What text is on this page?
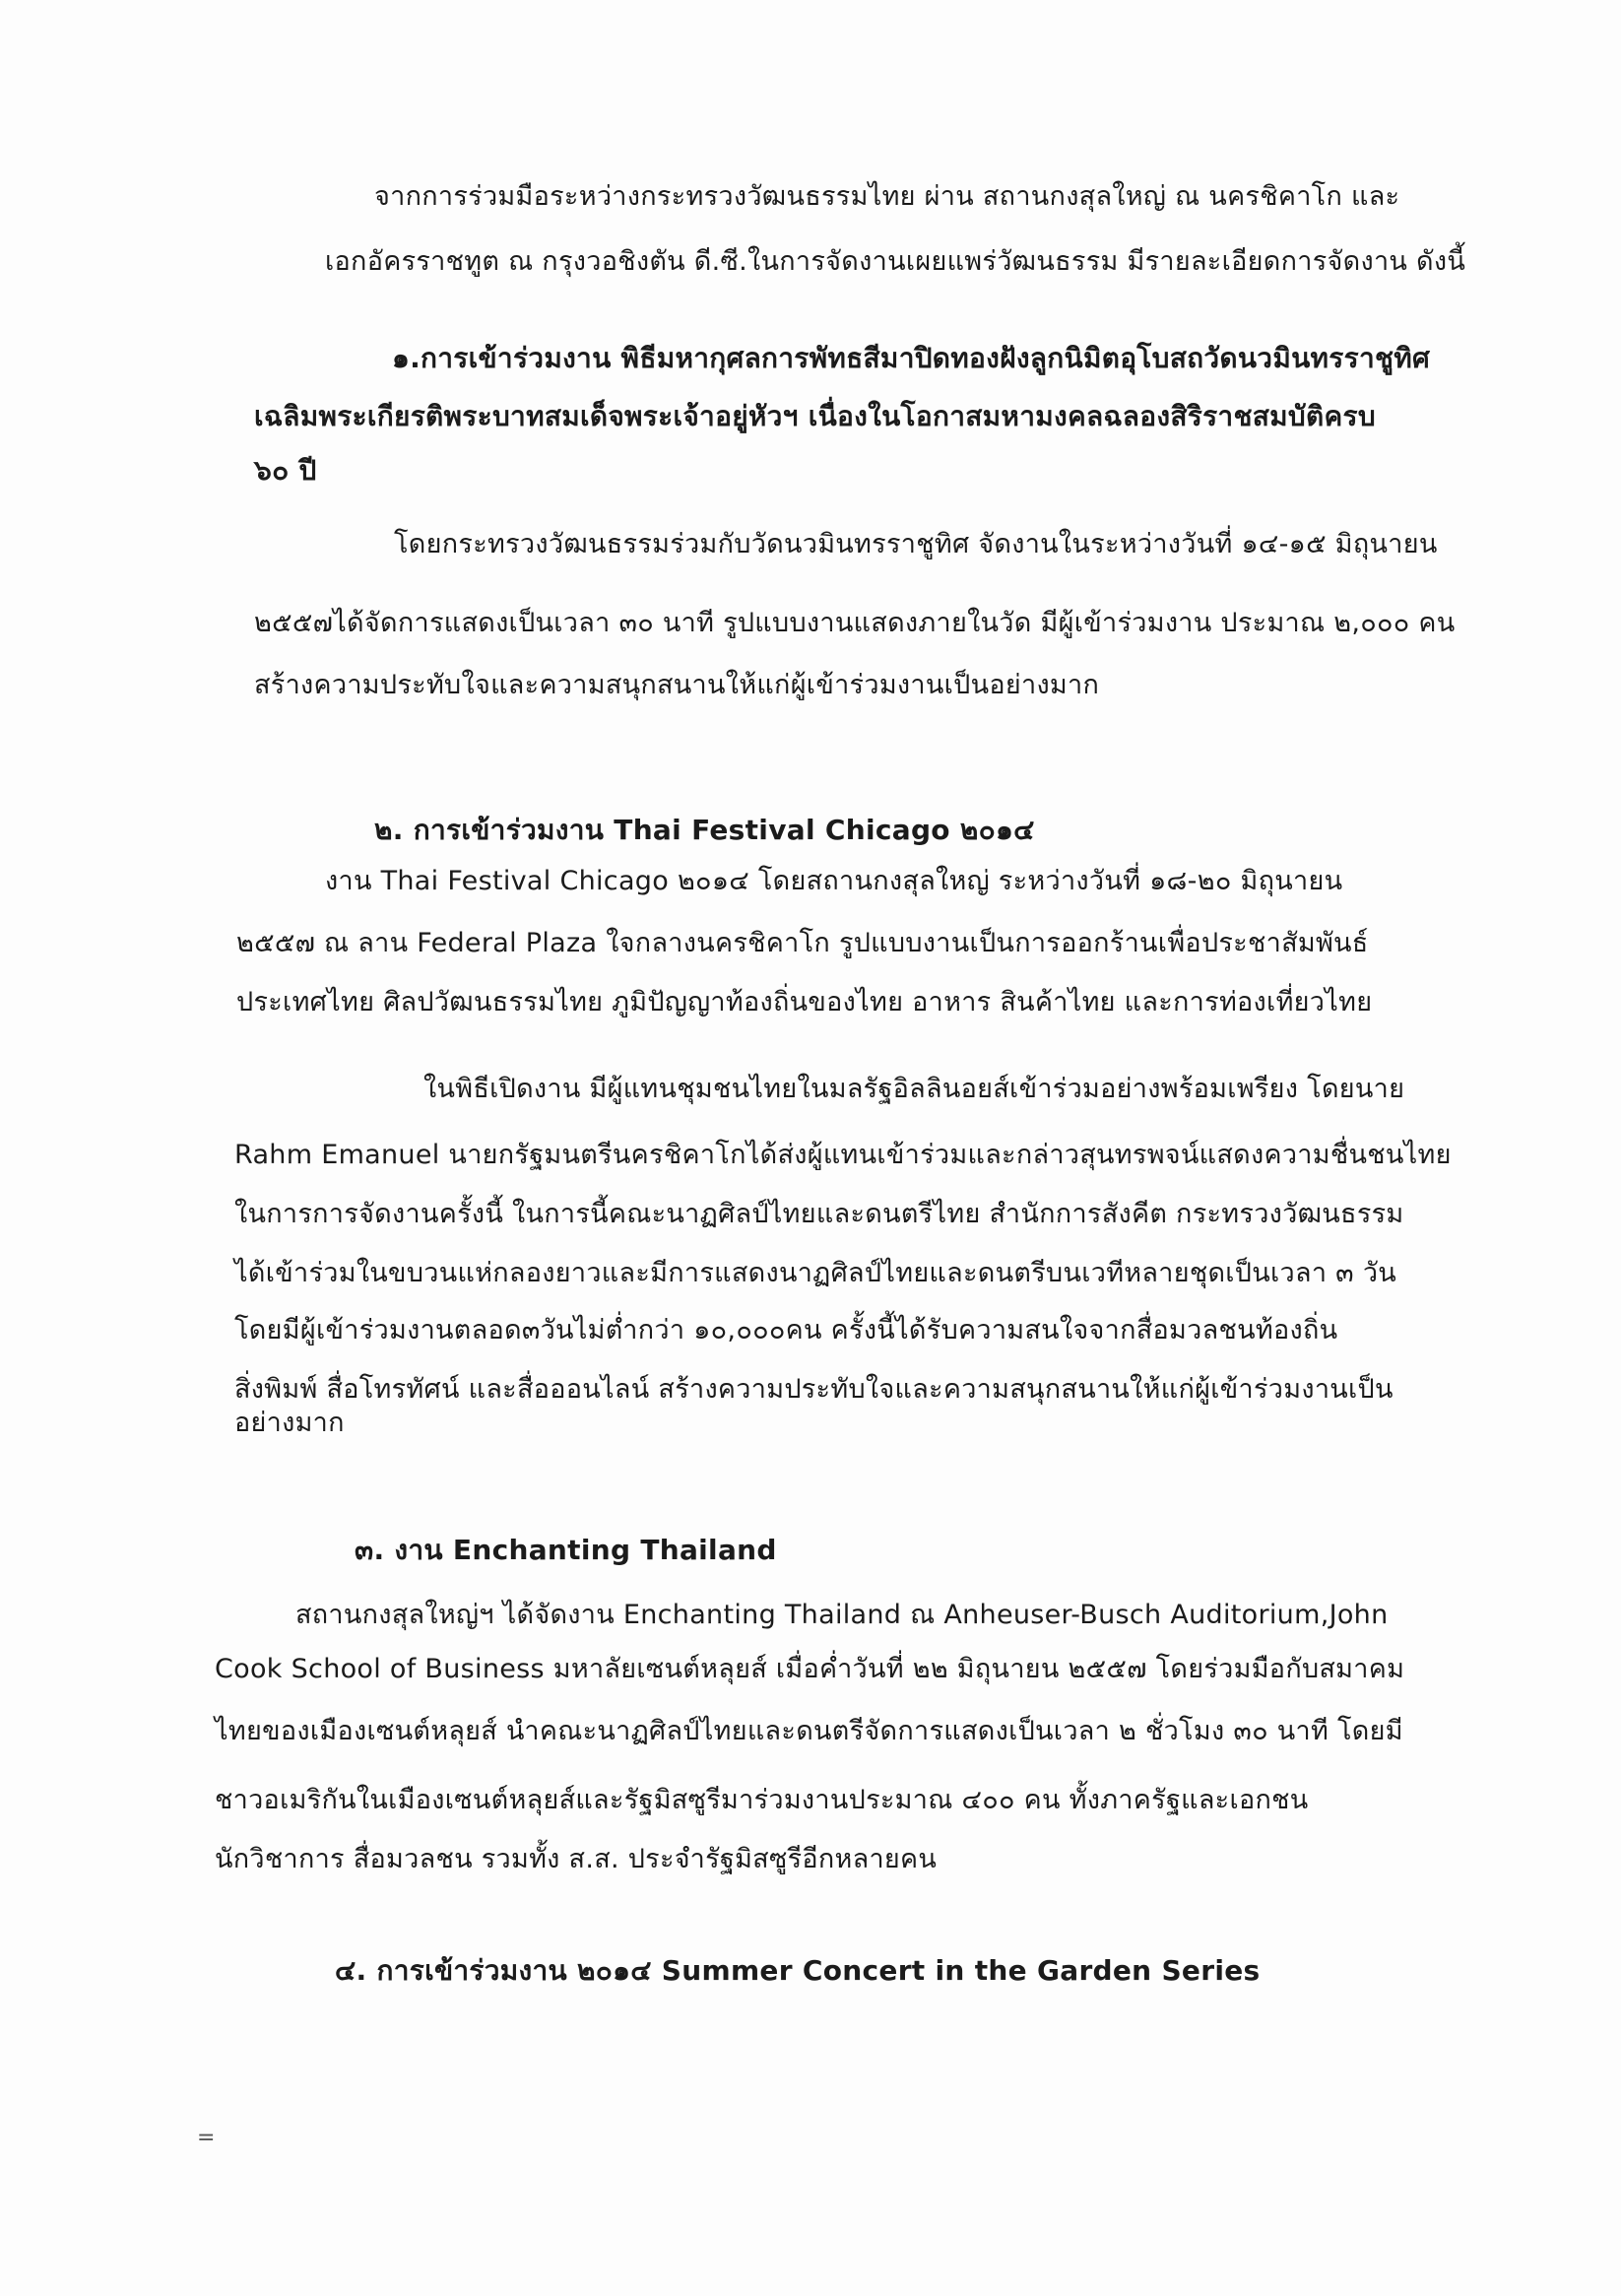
จากการร่วมมือระหว่างกระทรวงวัฒนธรรมไทย ผ่าน สถานกงสุลใหญ่ ณ นครชิคาโก และ
เอกอัครราชทูต ณ กรุงวอชิงตัน ดี.ซี.ในการจัดงานเผยแพร่วัฒนธรรม มีรายละเอียดการจัดงาน ดังนี้
๑.การเข้าร่วมงาน พิธีมหากุศลการพัทธสีมาปิดทองฝังลูกนิมิตอุโบสถวัดนวมินทรราชูทิศ
เฉลิมพระเกียรติพระบาทสมเด็จพระเจ้าอยู่หัวฯ เนื่องในโอกาสมหามงคลฉลองสิริราชสมบัติครบ
๖๐ ปี
โดยกระทรวงวัฒนธรรมร่วมกับวัดนวมินทรราชูทิศ จัดงานในระหว่างวันที่ ๑๔-๑๕ มิถุนายน
๒๕๕๗ได้จัดการแสดงเป็นเวลา ๓๐ นาที รูปแบบงานแสดงภายในวัด มีผู้เข้าร่วมงาน ประมาณ ๒,๐๐๐ คน
สร้างความประทับใจและความสนุกสนานให้แก่ผู้เข้าร่วมงานเป็นอย่างมาก
๒. การเข้าร่วมงาน Thai Festival Chicago ๒๐๑๔
งาน Thai Festival Chicago ๒๐๑๔ โดยสถานกงสุลใหญ่ ระหว่างวันที่ ๑๘-๒๐ มิถุนายน
๒๕๕๗ ณ ลาน Federal Plaza ใจกลางนครชิคาโก รูปแบบงานเป็นการออกร้านเพื่อประชาสัมพันธ์
ประเทศไทย ศิลปวัฒนธรรมไทย ภูมิปัญญาท้องถิ่นของไทย อาหาร สินค้าไทย และการท่องเที่ยวไทย
ในพิธีเปิดงาน มีผู้แทนชุมชนไทยในมลรัฐอิลลินอยส์เข้าร่วมอย่างพร้อมเพรียง โดยนาย
Rahm Emanuel นายกรัฐมนตรีนครชิคาโกได้ส่งผู้แทนเข้าร่วมและกล่าวสุนทรพจน์แสดงความชื่นชนไทย
ในการการจัดงานครั้งนี้ ในการนี้คณะนาฏศิลป์ไทยและดนตรีไทย สำนักการสังคีต กระทรวงวัฒนธรรม
ได้เข้าร่วมในขบวนแห่กลองยาวและมีการแสดงนาฏศิลป์ไทยและดนตรีบนเวทีหลายชุดเป็นเวลา ๓ วัน
โดยมีผู้เข้าร่วมงานตลอด๓วันไม่ต่ำกว่า ๑๐,๐๐๐คน ครั้งนี้ได้รับความสนใจจากสื่อมวลชนท้องถิ่น
สิ่งพิมพ์ สื่อโทรทัศน์ และสื่อออนไลน์ สร้างความประทับใจและความสนุกสนานให้แก่ผู้เข้าร่วมงานเป็น
อย่างมาก
๓. งาน Enchanting Thailand
สถานกงสุลใหญ่ฯ ได้จัดงาน Enchanting Thailand ณ Anheuser-Busch Auditorium,John
Cook School of Business มหาลัยเซนต์หลุยส์ เมื่อค่ำวันที่ ๒๒ มิถุนายน ๒๕๕๗ โดยร่วมมือกับสมาคม
ไทยของเมืองเซนต์หลุยส์ นำคณะนาฏศิลป์ไทยและดนตรีจัดการแสดงเป็นเวลา ๒ ชั่วโมง ๓๐ นาที โดยมี
ชาวอเมริกันในเมืองเซนต์หลุยส์และรัฐมิสซูรีมาร่วมงานประมาณ ๔๐๐ คน ทั้งภาครัฐและเอกชน
นักวิชาการ สื่อมวลชน รวมทั้ง ส.ส. ประจำรัฐมิสซูรีอีกหลายคน
๔. การเข้าร่วมงาน ๒๐๑๔ Summer Concert in the Garden Series
=
